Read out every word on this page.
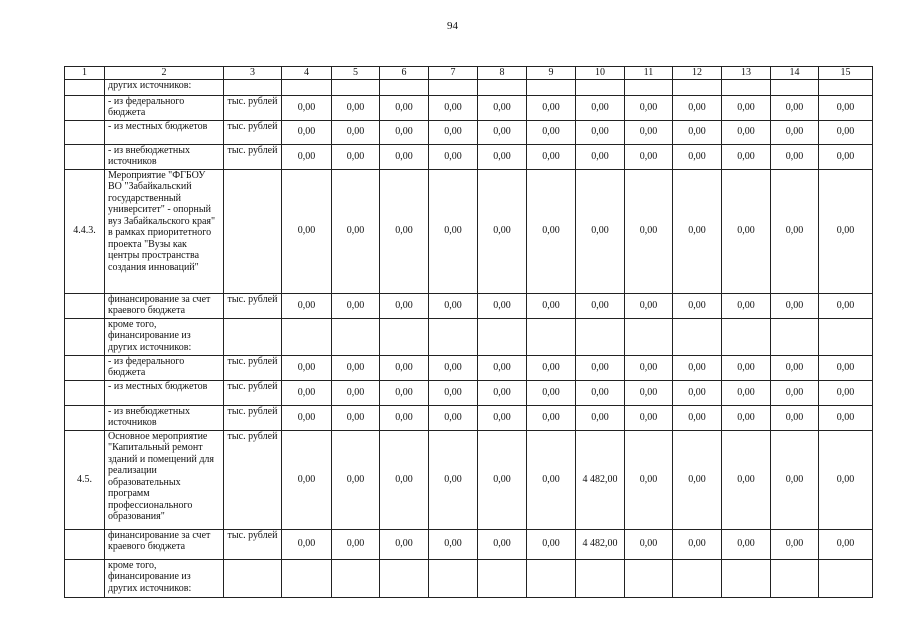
94
1	2	3	4	5	6	7	8	9	10	11	12	13	14	15
	других источников:													
	- из федерального бюджета	тыс. рублей	0,00	0,00	0,00	0,00	0,00	0,00	0,00	0,00	0,00	0,00	0,00	0,00
	- из местных бюджетов	тыс. рублей	0,00	0,00	0,00	0,00	0,00	0,00	0,00	0,00	0,00	0,00	0,00	0,00
	- из внебюджетных источников	тыс. рублей	0,00	0,00	0,00	0,00	0,00	0,00	0,00	0,00	0,00	0,00	0,00	0,00
4.4.3.	Мероприятие "ФГБОУ ВО "Забайкальский государственный университет" - опорный вуз Забайкальского края" в рамках приоритетного проекта "Вузы как центры пространства создания инноваций"		0,00	0,00	0,00	0,00	0,00	0,00	0,00	0,00	0,00	0,00	0,00	0,00
	финансирование за счет краевого бюджета	тыс. рублей	0,00	0,00	0,00	0,00	0,00	0,00	0,00	0,00	0,00	0,00	0,00	0,00
	кроме того, финансирование из других источников:													
	- из федерального бюджета	тыс. рублей	0,00	0,00	0,00	0,00	0,00	0,00	0,00	0,00	0,00	0,00	0,00	0,00
	- из местных бюджетов	тыс. рублей	0,00	0,00	0,00	0,00	0,00	0,00	0,00	0,00	0,00	0,00	0,00	0,00
	- из внебюджетных источников	тыс. рублей	0,00	0,00	0,00	0,00	0,00	0,00	0,00	0,00	0,00	0,00	0,00	0,00
4.5.	Основное мероприятие "Капитальный ремонт зданий и помещений для реализации образовательных программ профессионального образования"	тыс. рублей	0,00	0,00	0,00	0,00	0,00	0,00	4 482,00	0,00	0,00	0,00	0,00	0,00
	финансирование за счет краевого бюджета	тыс. рублей	0,00	0,00	0,00	0,00	0,00	0,00	4 482,00	0,00	0,00	0,00	0,00	0,00
	кроме того, финансирование из других источников:													
